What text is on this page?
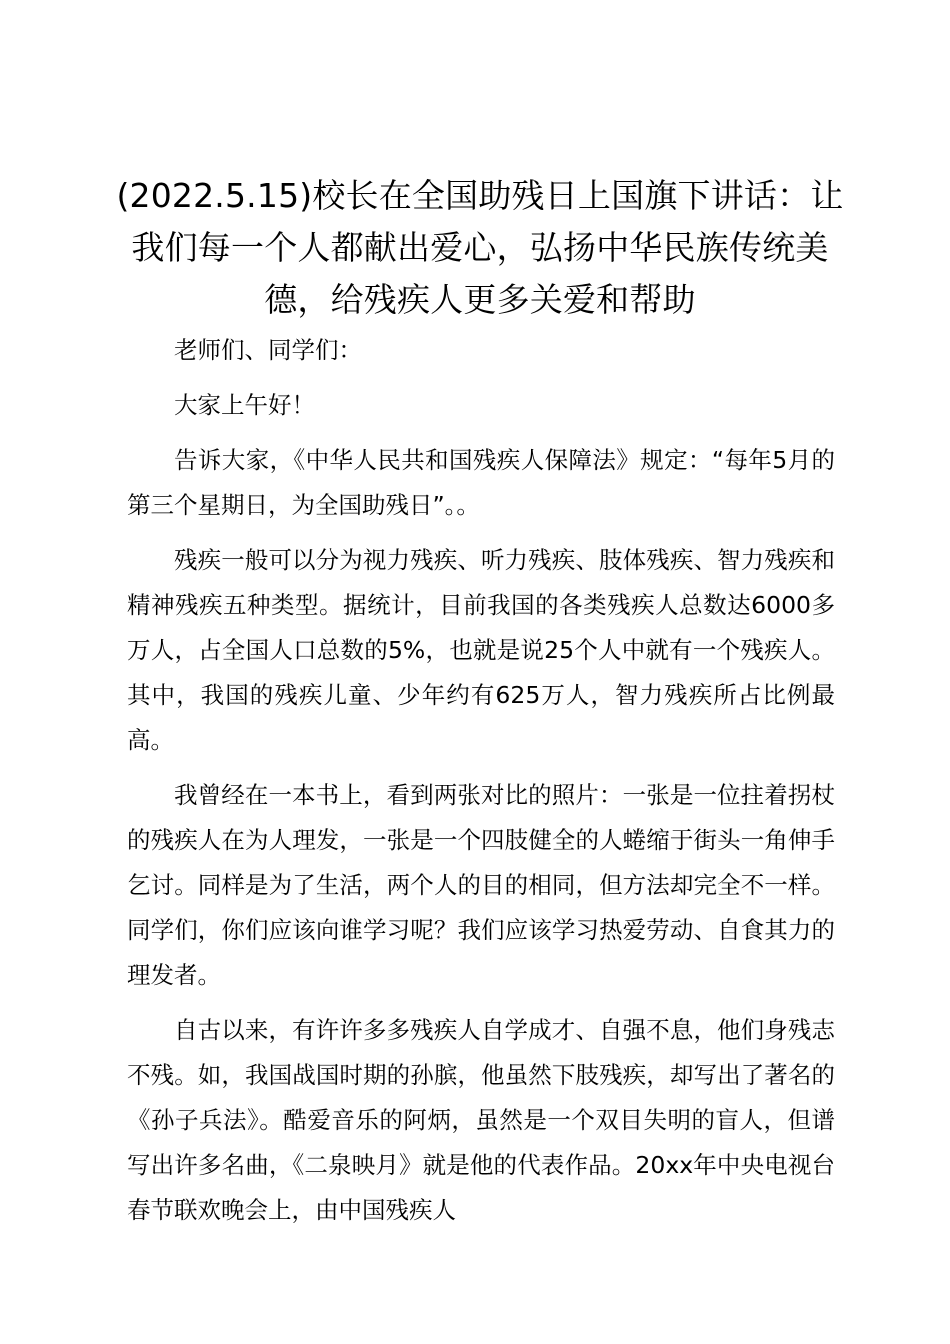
(2022.5.15)校长在全国助残日上国旗下讲话：让我们每一个人都献出爱心，弘扬中华民族传统美德，给残疾人更多关爱和帮助

老师们、同学们：

大家上午好！

告诉大家，《中华人民共和国残疾人保障法》规定：“每年5月的第三个星期日，为全国助残日”。。

残疾一般可以分为视力残疾、听力残疾、肢体残疾、智力残疾和精神残疾五种类型。据统计，目前我国的各类残疾人总数达6000多万人，占全国人口总数的5%，也就是说25个人中就有一个残疾人。其中，我国的残疾儿童、少年约有625万人，智力残疾所占比例最高。

我曾经在一本书上，看到两张对比的照片：一张是一位拄着拐杖的残疾人在为人理发，一张是一个四肢健全的人蜷缩于街头一角伸手乞讨。同样是为了生活，两个人的目的相同，但方法却完全不一样。同学们，你们应该向谁学习呢？我们应该学习热爱劳动、自食其力的理发者。

自古以来，有许许多多残疾人自学成才、自强不息，他们身残志不残。如，我国战国时期的孙膑，他虽然下肢残疾，却写出了著名的《孙子兵法》。酷爱音乐的阿炳，虽然是一个双目失明的盲人，但谱写出许多名曲，《二泉映月》就是他的代表作品。20xx年中央电视台春节联欢晚会上，由中国残疾人
